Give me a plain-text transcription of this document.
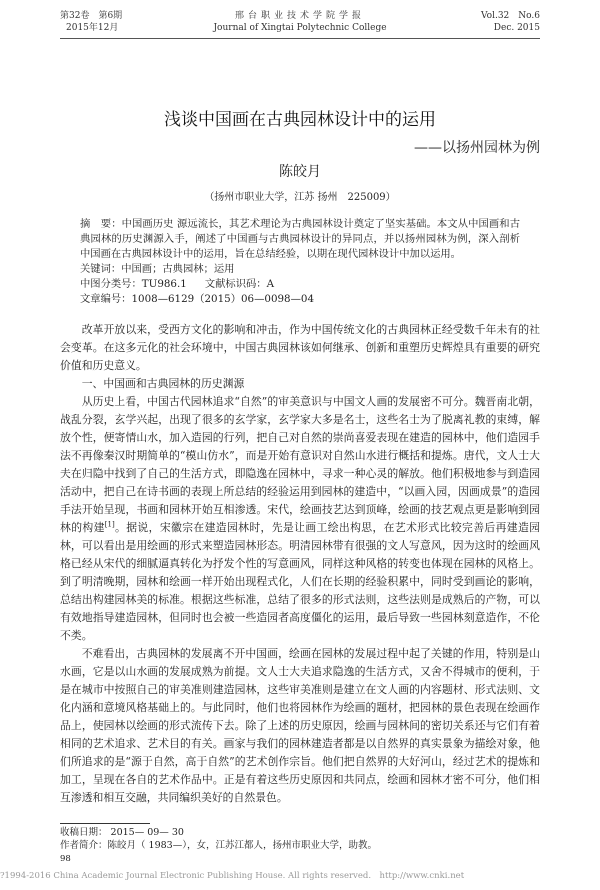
第32卷　第6期
2015年12月
邢台职业技术学院学报
Journal of Xingtai Polytechnic College
Vol.32　No.6
Dec. 2015
浅谈中国画在古典园林设计中的运用
——以扬州园林为例
陈皎月
（扬州市职业大学，江苏 扬州　225009）
摘　要：中国画历史 源远流长，其艺术理论为古典园林设计奠定了坚实基础。本文从中国画和古典园林的历史渊源入手，阐述了中国画与古典园林设计的异同点，并以扬州园林为例，深入剖析中国画在古典园林设计中的运用，旨在总结经验，以期在现代园林设计中加以运用。
关键词：中国画；古典园林；运用
中图分类号：TU986.1 文献标识码：A
文章编号：1008—6129（2015）06—0098—04

改革开放以来，受西方文化的影响和冲击，作为中国传统文化的古典园林正经受数千年未有的社会变革。在这多元化的社会环境中，中国古典园林该如何继承、创新和重塑历史辉煌具有重要的研究价值和历史意义。

一、中国画和古典园林的历史渊源

从历史上看，中国古代园林追求“自然”的审美意识与中国文人画的发展密不可分。魏晋南北朝，战乱分裂，玄学兴起，出现了很多的玄学家，玄学家大多是名士，这些名士为了脱离礼教的束缚，解放个性，便寄情山水，加入造园的行列，把自己对自然的崇尚喜爱表现在建造的园林中，他们造园手法不再像秦汉时期简单的“模山仿水”，而是开始有意识对自然山水进行概括和提炼。唐代，文人士大夫在归隐中找到了自己的生活方式，即隐逸在园林中，寻求一种心灵的解放。他们积极地参与到造园活动中，把自己在诗书画的表现上所总结的经验运用到园林的建造中，“以画入园，因画成景”的造园手法开始呈现，书画和园林开始互相渗透。宋代，绘画技艺达到顶峰，绘画的技艺观点更是影响到园林的构建[1]。据说，宋徽宗在建造园林时，先是让画工绘出构思，在艺术形式比较完善后再建造园林，可以看出是用绘画的形式来塑造园林形态。明清园林带有很强的文人写意风，因为这时的绘画风格已经从宋代的细腻逼真转化为抒发个性的写意画风，同样这种风格的转变也体现在园林的风格上。到了明清晚期，园林和绘画一样开始出现程式化，人们在长期的经验积累中，同时受到画论的影响，总结出构建园林美的标准。根据这些标准，总结了很多的形式法则，这些法则是成熟后的产物，可以有效地指导建造园林，但同时也会被一些造园者高度僵化的运用，最后导致一些园林刻意造作，不伦不类。

不难看出，古典园林的发展离不开中国画，绘画在园林的发展过程中起了关键的作用，特别是山水画，它是以山水画的发展成熟为前提。文人士大夫追求隐逸的生活方式，又舍不得城市的便利，于是在城市中按照自己的审美准则建造园林，这些审美准则是建立在文人画的内容题材、形式法则、文化内涵和意境风格基础上的。与此同时，他们也将园林作为绘画的题材，把园林的景色表现在绘画作品上，使园林以绘画的形式流传下去。除了上述的历史原因，绘画与园林间的密切关系还与它们有着相同的艺术追求、艺术目的有关。画家与我们的园林建造者都是以自然界的真实景象为描绘对象，他们所追求的是“源于自然，高于自然”的艺术创作宗旨。他们把自然界的大好河山，经过艺术的提炼和加工，呈现在各自的艺术作品中。正是有着这些历史原因和共同点，绘画和园林才密不可分，他们相互渗透和相互交融，共同编织美好的自然景色。

收稿日期： 2015— 09— 30
作者简介：陈皎月（ 1983—），女，江苏江都人，扬州市职业大学，助教。
98
?1994-2016 China Academic Journal Electronic Publishing House. All rights reserved.　http://www.cnki.net
